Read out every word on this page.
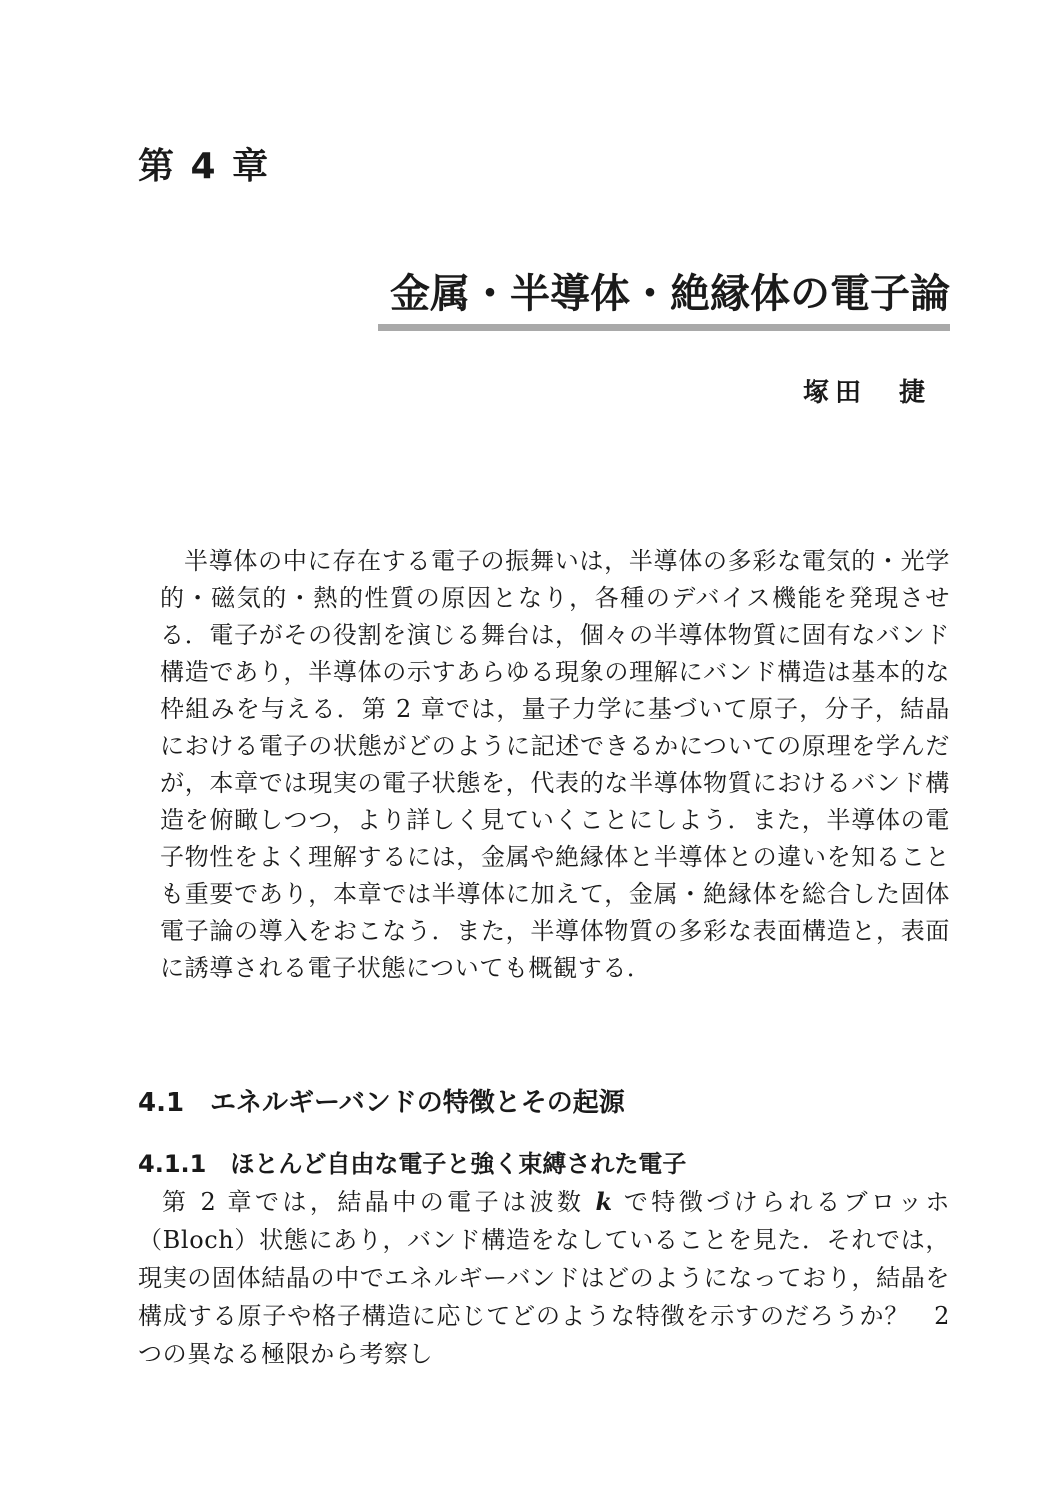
第 4 章
金属・半導体・絶縁体の電子論

塚田　捷

半導体の中に存在する電子の振舞いは，半導体の多彩な電気的・光学的・磁気的・熱的性質の原因となり，各種のデバイス機能を発現させる．電子がその役割を演じる舞台は，個々の半導体物質に固有なバンド構造であり，半導体の示すあらゆる現象の理解にバンド構造は基本的な枠組みを与える．第 2 章では，量子力学に基づいて原子，分子，結晶における電子の状態がどのように記述できるかについての原理を学んだが，本章では現実の電子状態を，代表的な半導体物質におけるバンド構造を俯瞰しつつ，より詳しく見ていくことにしよう．また，半導体の電子物性をよく理解するには，金属や絶縁体と半導体との違いを知ることも重要であり，本章では半導体に加えて，金属・絶縁体を総合した固体電子論の導入をおこなう．また，半導体物質の多彩な表面構造と，表面に誘導される電子状態についても概観する．

4.1　エネルギーバンドの特徴とその起源
4.1.1　ほとんど自由な電子と強く束縛された電子

第 2 章では，結晶中の電子は波数 k で特徴づけられるブロッホ（Bloch）状態にあり，バンド構造をなしていることを見た．それでは，現実の固体結晶の中でエネルギーバンドはどのようになっており，結晶を構成する原子や格子構造に応じてどのような特徴を示すのだろうか？　2 つの異なる極限から考察し
